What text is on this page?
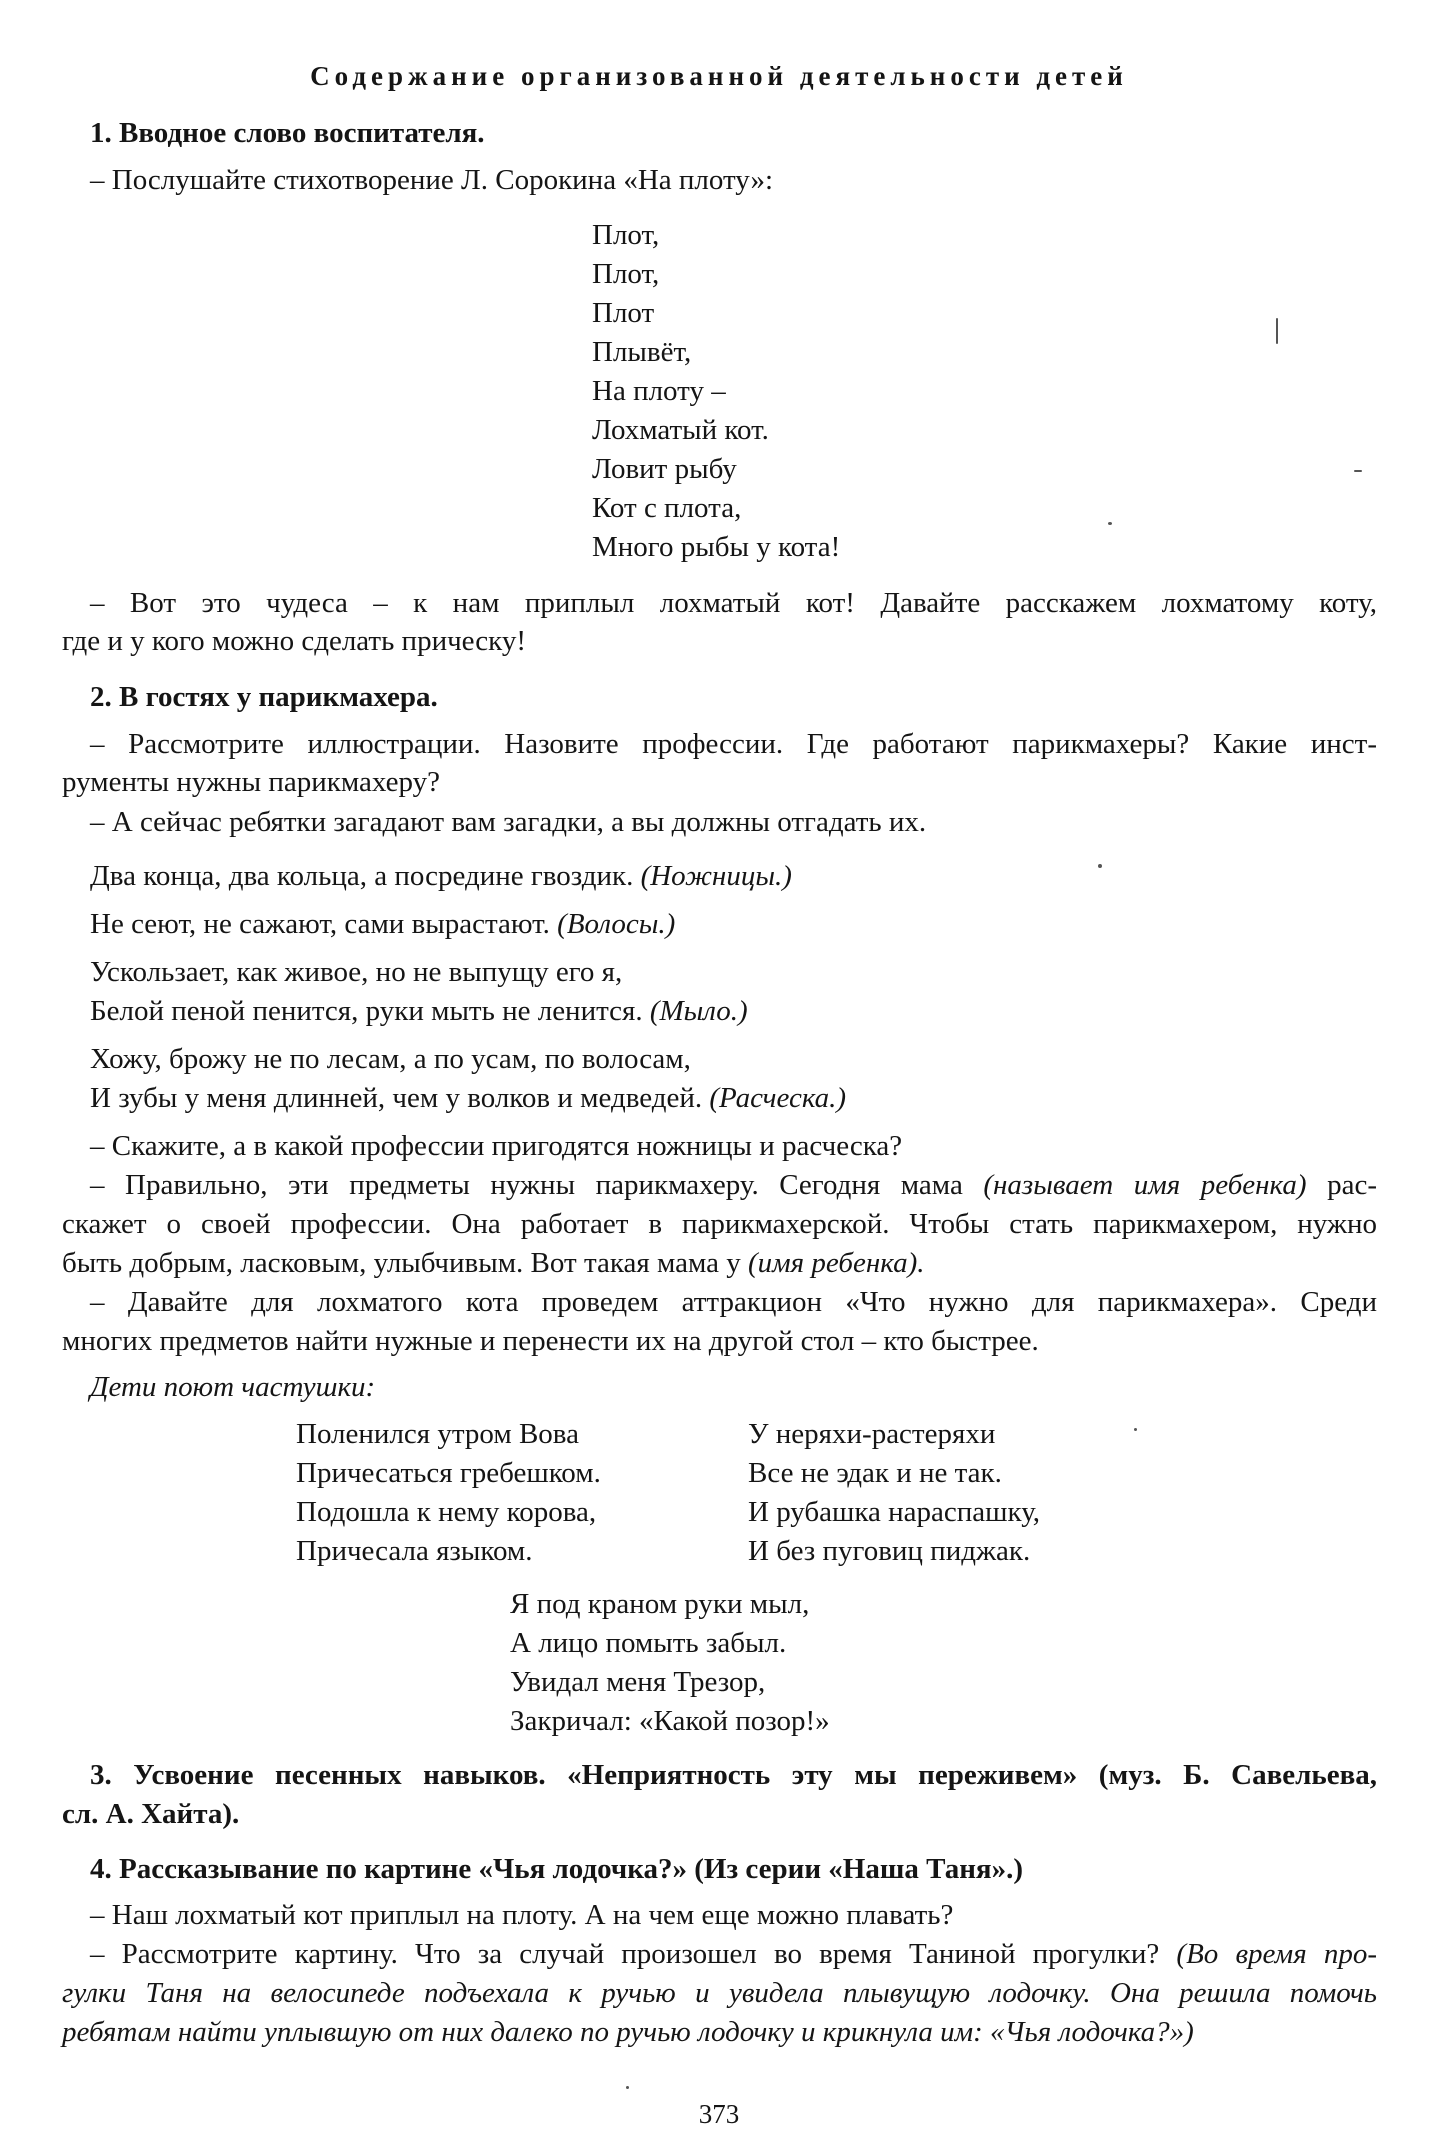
Содержание организованной деятельности детей
1. Вводное слово воспитателя.
– Послушайте стихотворение Л. Сорокина «На плоту»:
Плот,
Плот,
Плот
Плывёт,
На плоту –
Лохматый кот.
Ловит рыбу
Кот с плота,
Много рыбы у кота!
– Вот это чудеса – к нам приплыл лохматый кот! Давайте расскажем лохматому коту,
где и у кого можно сделать прическу!
2. В гостях у парикмахера.
– Рассмотрите иллюстрации. Назовите профессии. Где работают парикмахеры? Какие инст-
рументы нужны парикмахеру?
– А сейчас ребятки загадают вам загадки, а вы должны отгадать их.
Два конца, два кольца, а посредине гвоздик. (Ножницы.)
Не сеют, не сажают, сами вырастают. (Волосы.)
Ускользает, как живое, но не выпущу его я,
Белой пеной пенится, руки мыть не ленится. (Мыло.)
Хожу, брожу не по лесам, а по усам, по волосам,
И зубы у меня длинней, чем у волков и медведей. (Расческа.)
– Скажите, а в какой профессии пригодятся ножницы и расческа?
– Правильно, эти предметы нужны парикмахеру. Сегодня мама (называет имя ребенка) рас-
скажет о своей профессии. Она работает в парикмахерской. Чтобы стать парикмахером, нужно
быть добрым, ласковым, улыбчивым. Вот такая мама у (имя ребенка).
– Давайте для лохматого кота проведем аттракцион «Что нужно для парикмахера». Среди
многих предметов найти нужные и перенести их на другой стол – кто быстрее.
Дети поют частушки:
Поленился утром Вова
Причесаться гребешком.
Подошла к нему корова,
Причесала языком.
У неряхи-растеряхи
Все не эдак и не так.
И рубашка нараспашку,
И без пуговиц пиджак.
Я под краном руки мыл,
А лицо помыть забыл.
Увидал меня Трезор,
Закричал: «Какой позор!»
3. Усвоение песенных навыков. «Неприятность эту мы переживем» (муз. Б. Савельева,
сл. А. Хайта).
4. Рассказывание по картине «Чья лодочка?» (Из серии «Наша Таня».)
– Наш лохматый кот приплыл на плоту. А на чем еще можно плавать?
– Рассмотрите картину. Что за случай произошел во время Таниной прогулки? (Во время про-
гулки Таня на велосипеде подъехала к ручью и увидела плывущую лодочку. Она решила помочь
ребятам найти уплывшую от них далеко по ручью лодочку и крикнула им: «Чья лодочка?»)
373
